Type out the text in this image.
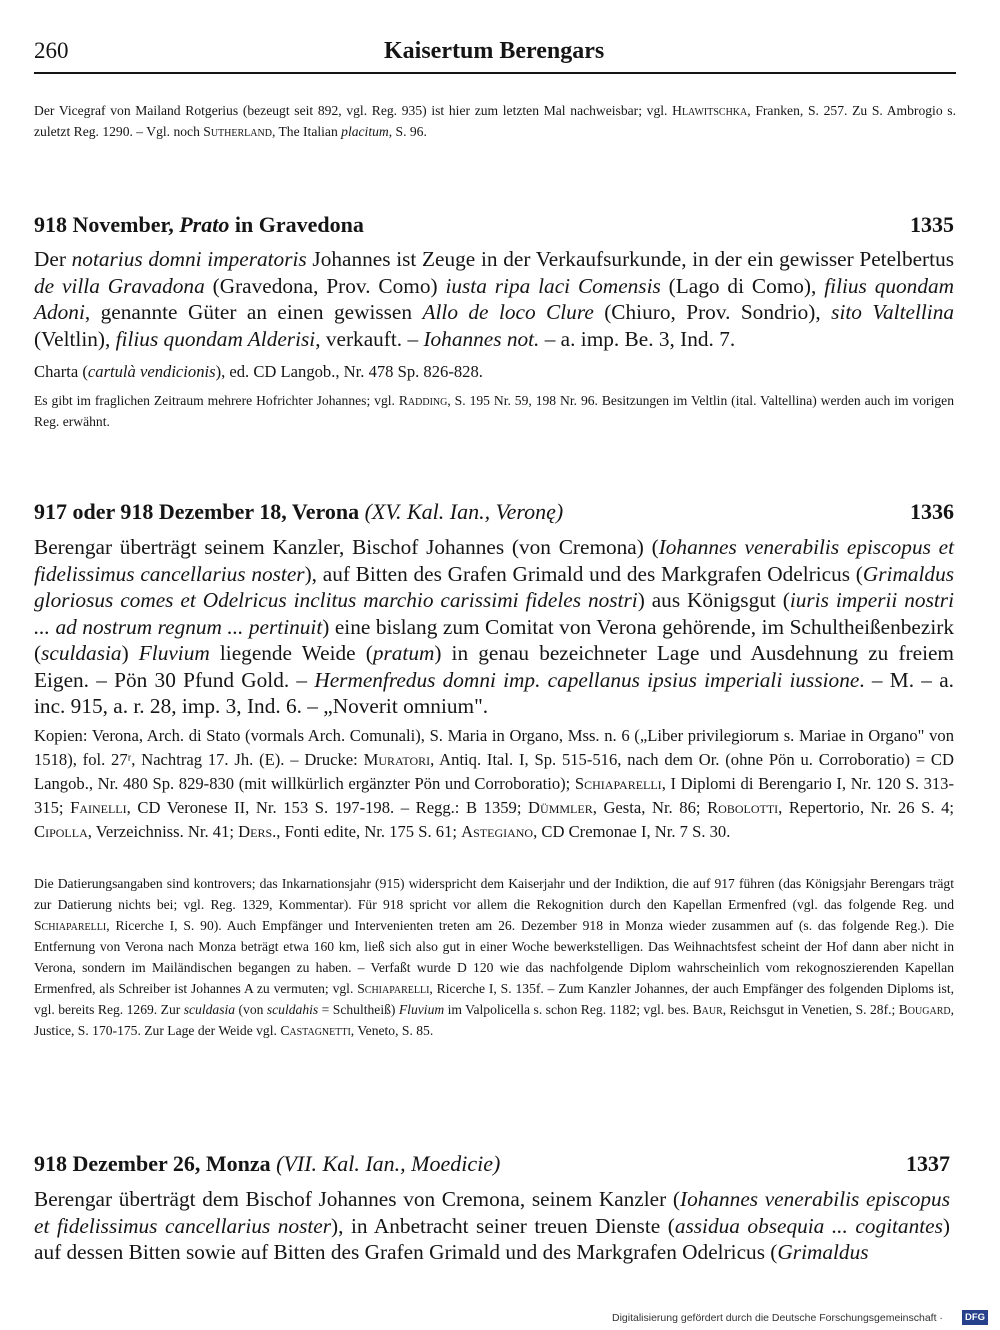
260	Kaisertum Berengars
Der Vicegraf von Mailand Rotgerius (bezeugt seit 892, vgl. Reg. 935) ist hier zum letzten Mal nachweisbar; vgl. Hlawitschka, Franken, S. 257. Zu S. Ambrogio s. zuletzt Reg. 1290. – Vgl. noch Sutherland, The Italian placitum, S. 96.
918 November, Prato in Gravedona	1335
Der notarius domni imperatoris Johannes ist Zeuge in der Verkaufsurkunde, in der ein gewisser Petelbertus de villa Gravadona (Gravedona, Prov. Como) iusta ripa laci Comensis (Lago di Como), filius quondam Adoni, genannte Güter an einen gewissen Allo de loco Clure (Chiuro, Prov. Sondrio), sito Valtellina (Veltlin), filius quondam Alderisi, verkauft. – Iohannes not. – a. imp. Be. 3, Ind. 7.
Charta (cartulà vendicionis), ed. CD Langob., Nr. 478 Sp. 826-828.
Es gibt im fraglichen Zeitraum mehrere Hofrichter Johannes; vgl. Radding, S. 195 Nr. 59, 198 Nr. 96. Besitzungen im Veltlin (ital. Valtellina) werden auch im vorigen Reg. erwähnt.
917 oder 918 Dezember 18, Verona (XV. Kal. Ian., Veronę)	1336
Berengar überträgt seinem Kanzler, Bischof Johannes (von Cremona) (Iohannes venerabilis episcopus et fidelissimus cancellarius noster), auf Bitten des Grafen Grimald und des Markgrafen Odelricus (Grimaldus gloriosus comes et Odelricus inclitus marchio carissimi fideles nostri) aus Königsgut (iuris imperii nostri ... ad nostrum regnum ... pertinuit) eine bislang zum Comitat von Verona gehörende, im Schultheißenbezirk (sculdasia) Fluvium liegende Weide (pratum) in genau bezeichneter Lage und Ausdehnung zu freiem Eigen. – Pön 30 Pfund Gold. – Hermenfredus domni imp. capellanus ipsius imperiali iussione. – M. – a. inc. 915, a. r. 28, imp. 3, Ind. 6. – „Noverit omnium".
Kopien: Verona, Arch. di Stato (vormals Arch. Comunali), S. Maria in Organo, Mss. n. 6 („Liber privilegiorum s. Mariae in Organo" von 1518), fol. 27ʳ, Nachtrag 17. Jh. (E). – Drucke: Muratori, Antiq. Ital. I, Sp. 515-516, nach dem Or. (ohne Pön u. Corroboratio) = CD Langob., Nr. 480 Sp. 829-830 (mit willkürlich ergänzter Pön und Corroboratio); Schiaparelli, I Diplomi di Berengario I, Nr. 120 S. 313-315; Fainelli, CD Veronese II, Nr. 153 S. 197-198. – Regg.: B 1359; Dümmler, Gesta, Nr. 86; Robolotti, Repertorio, Nr. 26 S. 4; Cipolla, Verzeichniss. Nr. 41; Ders., Fonti edite, Nr. 175 S. 61; Astegiano, CD Cremonae I, Nr. 7 S. 30.
Die Datierungsangaben sind kontrovers; das Inkarnationsjahr (915) widerspricht dem Kaiserjahr und der Indiktion, die auf 917 führen (das Königsjahr Berengars trägt zur Datierung nichts bei; vgl. Reg. 1329, Kommentar). Für 918 spricht vor allem die Rekognition durch den Kapellan Ermenfred (vgl. das folgende Reg. und Schiaparelli, Ricerche I, S. 90). Auch Empfänger und Intervenienten treten am 26. Dezember 918 in Monza wieder zusammen auf (s. das folgende Reg.). Die Entfernung von Verona nach Monza beträgt etwa 160 km, ließ sich also gut in einer Woche bewerkstelligen. Das Weihnachtsfest scheint der Hof dann aber nicht in Verona, sondern im Mailändischen begangen zu haben. – Verfaßt wurde D 120 wie das nachfolgende Diplom wahrscheinlich vom rekognoszierenden Kapellan Ermenfred, als Schreiber ist Johannes A zu vermuten; vgl. Schiaparelli, Ricerche I, S. 135f. – Zum Kanzler Johannes, der auch Empfänger des folgenden Diploms ist, vgl. bereits Reg. 1269. Zur sculdasia (von sculdahis = Schultheiß) Fluvium im Valpolicella s. schon Reg. 1182; vgl. bes. Baur, Reichsgut in Venetien, S. 28f.; Bougard, Justice, S. 170-175. Zur Lage der Weide vgl. Castagnetti, Veneto, S. 85.
918 Dezember 26, Monza (VII. Kal. Ian., Moedicie)	1337
Berengar überträgt dem Bischof Johannes von Cremona, seinem Kanzler (Iohannes venerabilis episcopus et fidelissimus cancellarius noster), in Anbetracht seiner treuen Dienste (assidua obsequia ... cogitantes) auf dessen Bitten sowie auf Bitten des Grafen Grimald und des Markgrafen Odelricus (Grimaldus
Digitalisierung gefördert durch die Deutsche Forschungsgemeinschaft ·	DFG
